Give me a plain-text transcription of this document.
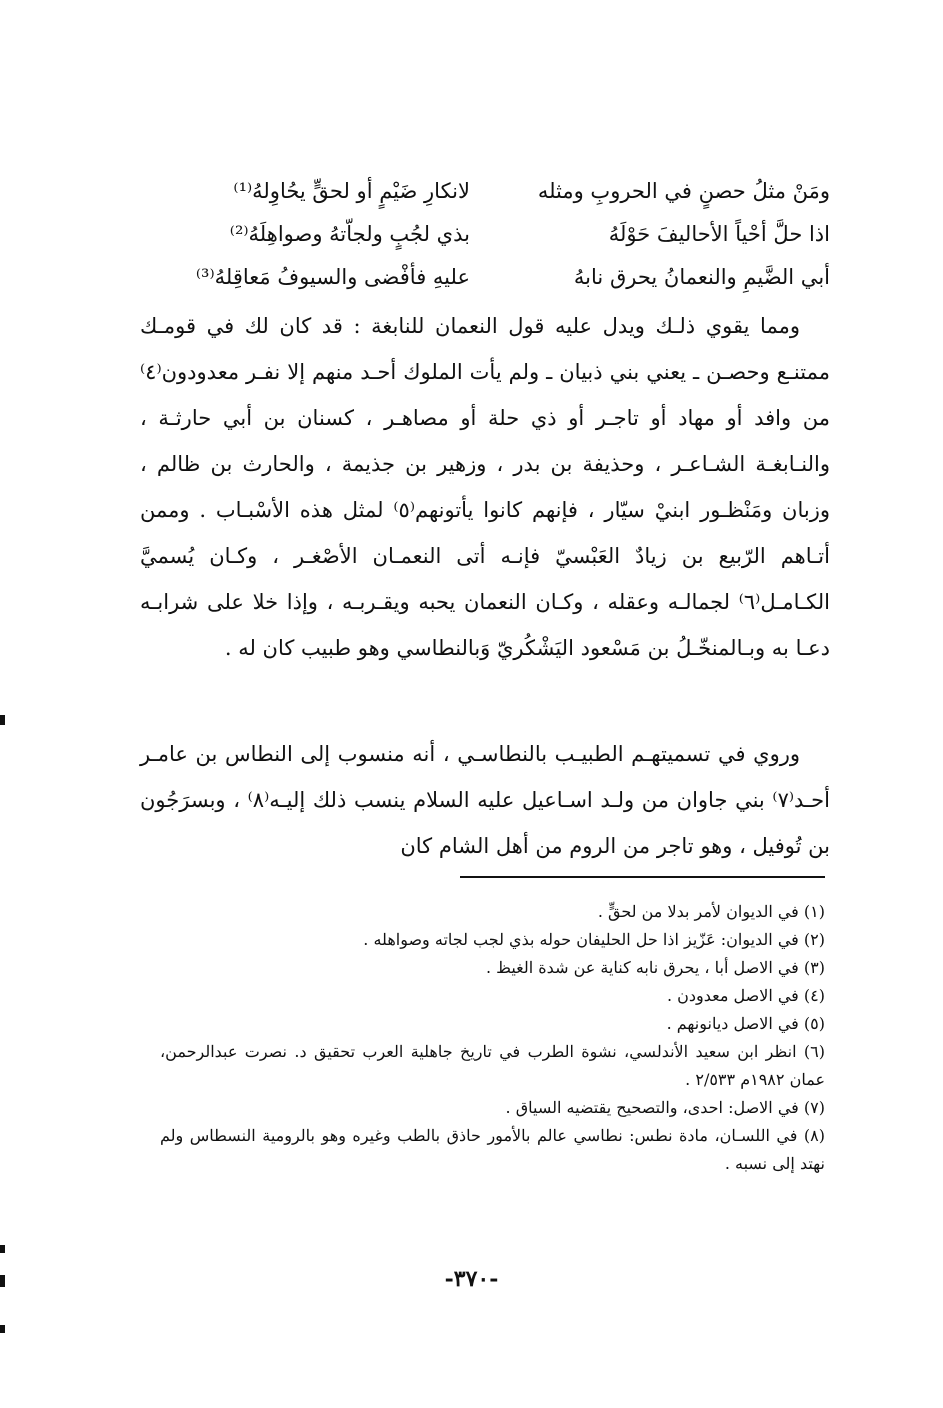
ومَنْ مثلُ حصنٍ في الحروبِ ومثله
لانكارِ ضَيْمٍ أو لحقٍّ يحُاوِلهُ⁽¹⁾
اذا حلَّ أحْياً الأحاليفَ حَوْلَهُ
بذي لجُبٍ ولجاّتهُ وصواهِلَهُ⁽²⁾
أبي الضَّيمِ والنعمانُ يحرق نابهُ
عليهِ فأفْضى والسيوفُ مَعاقِلهُ⁽³⁾

ومما يقوي ذلـك ويدل عليه قول النعمان للنابغة : قد كان لك في قومـك ممتنـع وحصـن ـ يعني بني ذبيان ـ ولم يأت الملوك أحـد منهم إلا نفـر معدودون⁽٤⁾ من وافد أو مهاد أو تاجـر أو ذي حلة أو مصاهـر ، كسنان بن أبي حارثـة ، والنـابغـة الشـاعـر ، وحذيفة بن بدر ، وزهير بن جذيمة ، والحارث بن ظالم ، وزبان ومَنْظـور ابنيْ سيّار ، فإنهم كانوا يأتونهم⁽٥⁾ لمثل هذه الأسْبـاب . وممن أتـاهم الرّبيع بن زيادٌ العَبْسيّ فإنـه أتى النعمـان الأصْغـر ، وكـان يُسميَّ الكـامـل⁽٦⁾ لجمالـه وعقله ، وكـان النعمان يحبه ويقـربـه ، وإذا خلا على شرابـه دعـا به وبـالمنخّـلُ بن مَسْعود اليَشْكُريّ وَبالنطاسي وهو طبيب كان له .

وروي في تسميتهـم الطبيـب بالنطاسـي ، أنه منسوب إلى النطاس بن عامـر أحـد⁽٧⁾ بني جاوان من ولـد اسـاعيل عليه السلام ينسب ذلك إليـه⁽٨⁾ ، وبسرَجُون بن تُوفيل ، وهو تاجر من الروم من أهل الشام كان

(١) في الديوان لأمر بدلا من لحقٍّ .

(٢) في الديوان: عَزّيز اذا حل الحليفان حوله بذي لجب لجاته وصواهله .

(٣) في الاصل أبا ، يحرق نابه كناية عن شدة الغيظ .

(٤) في الاصل معدودن .

(٥) في الاصل ديانونهم .

(٦) انظر ابن سعيد الأندلسي، نشوة الطرب في تاريخ جاهلية العرب تحقيق د. نصرت عبدالرحمن، عمان ١٩٨٢م ٢/٥٣٣ .

(٧) في الاصل: احدى، والتصحيح يقتضيه السياق .

(٨) في اللسـان، مادة نطس: نطاسي عالم بالأمور حاذق بالطب وغيره وهو بالرومية النسطاس ولم نهتد إلى نسبه .

-٣٧٠-
